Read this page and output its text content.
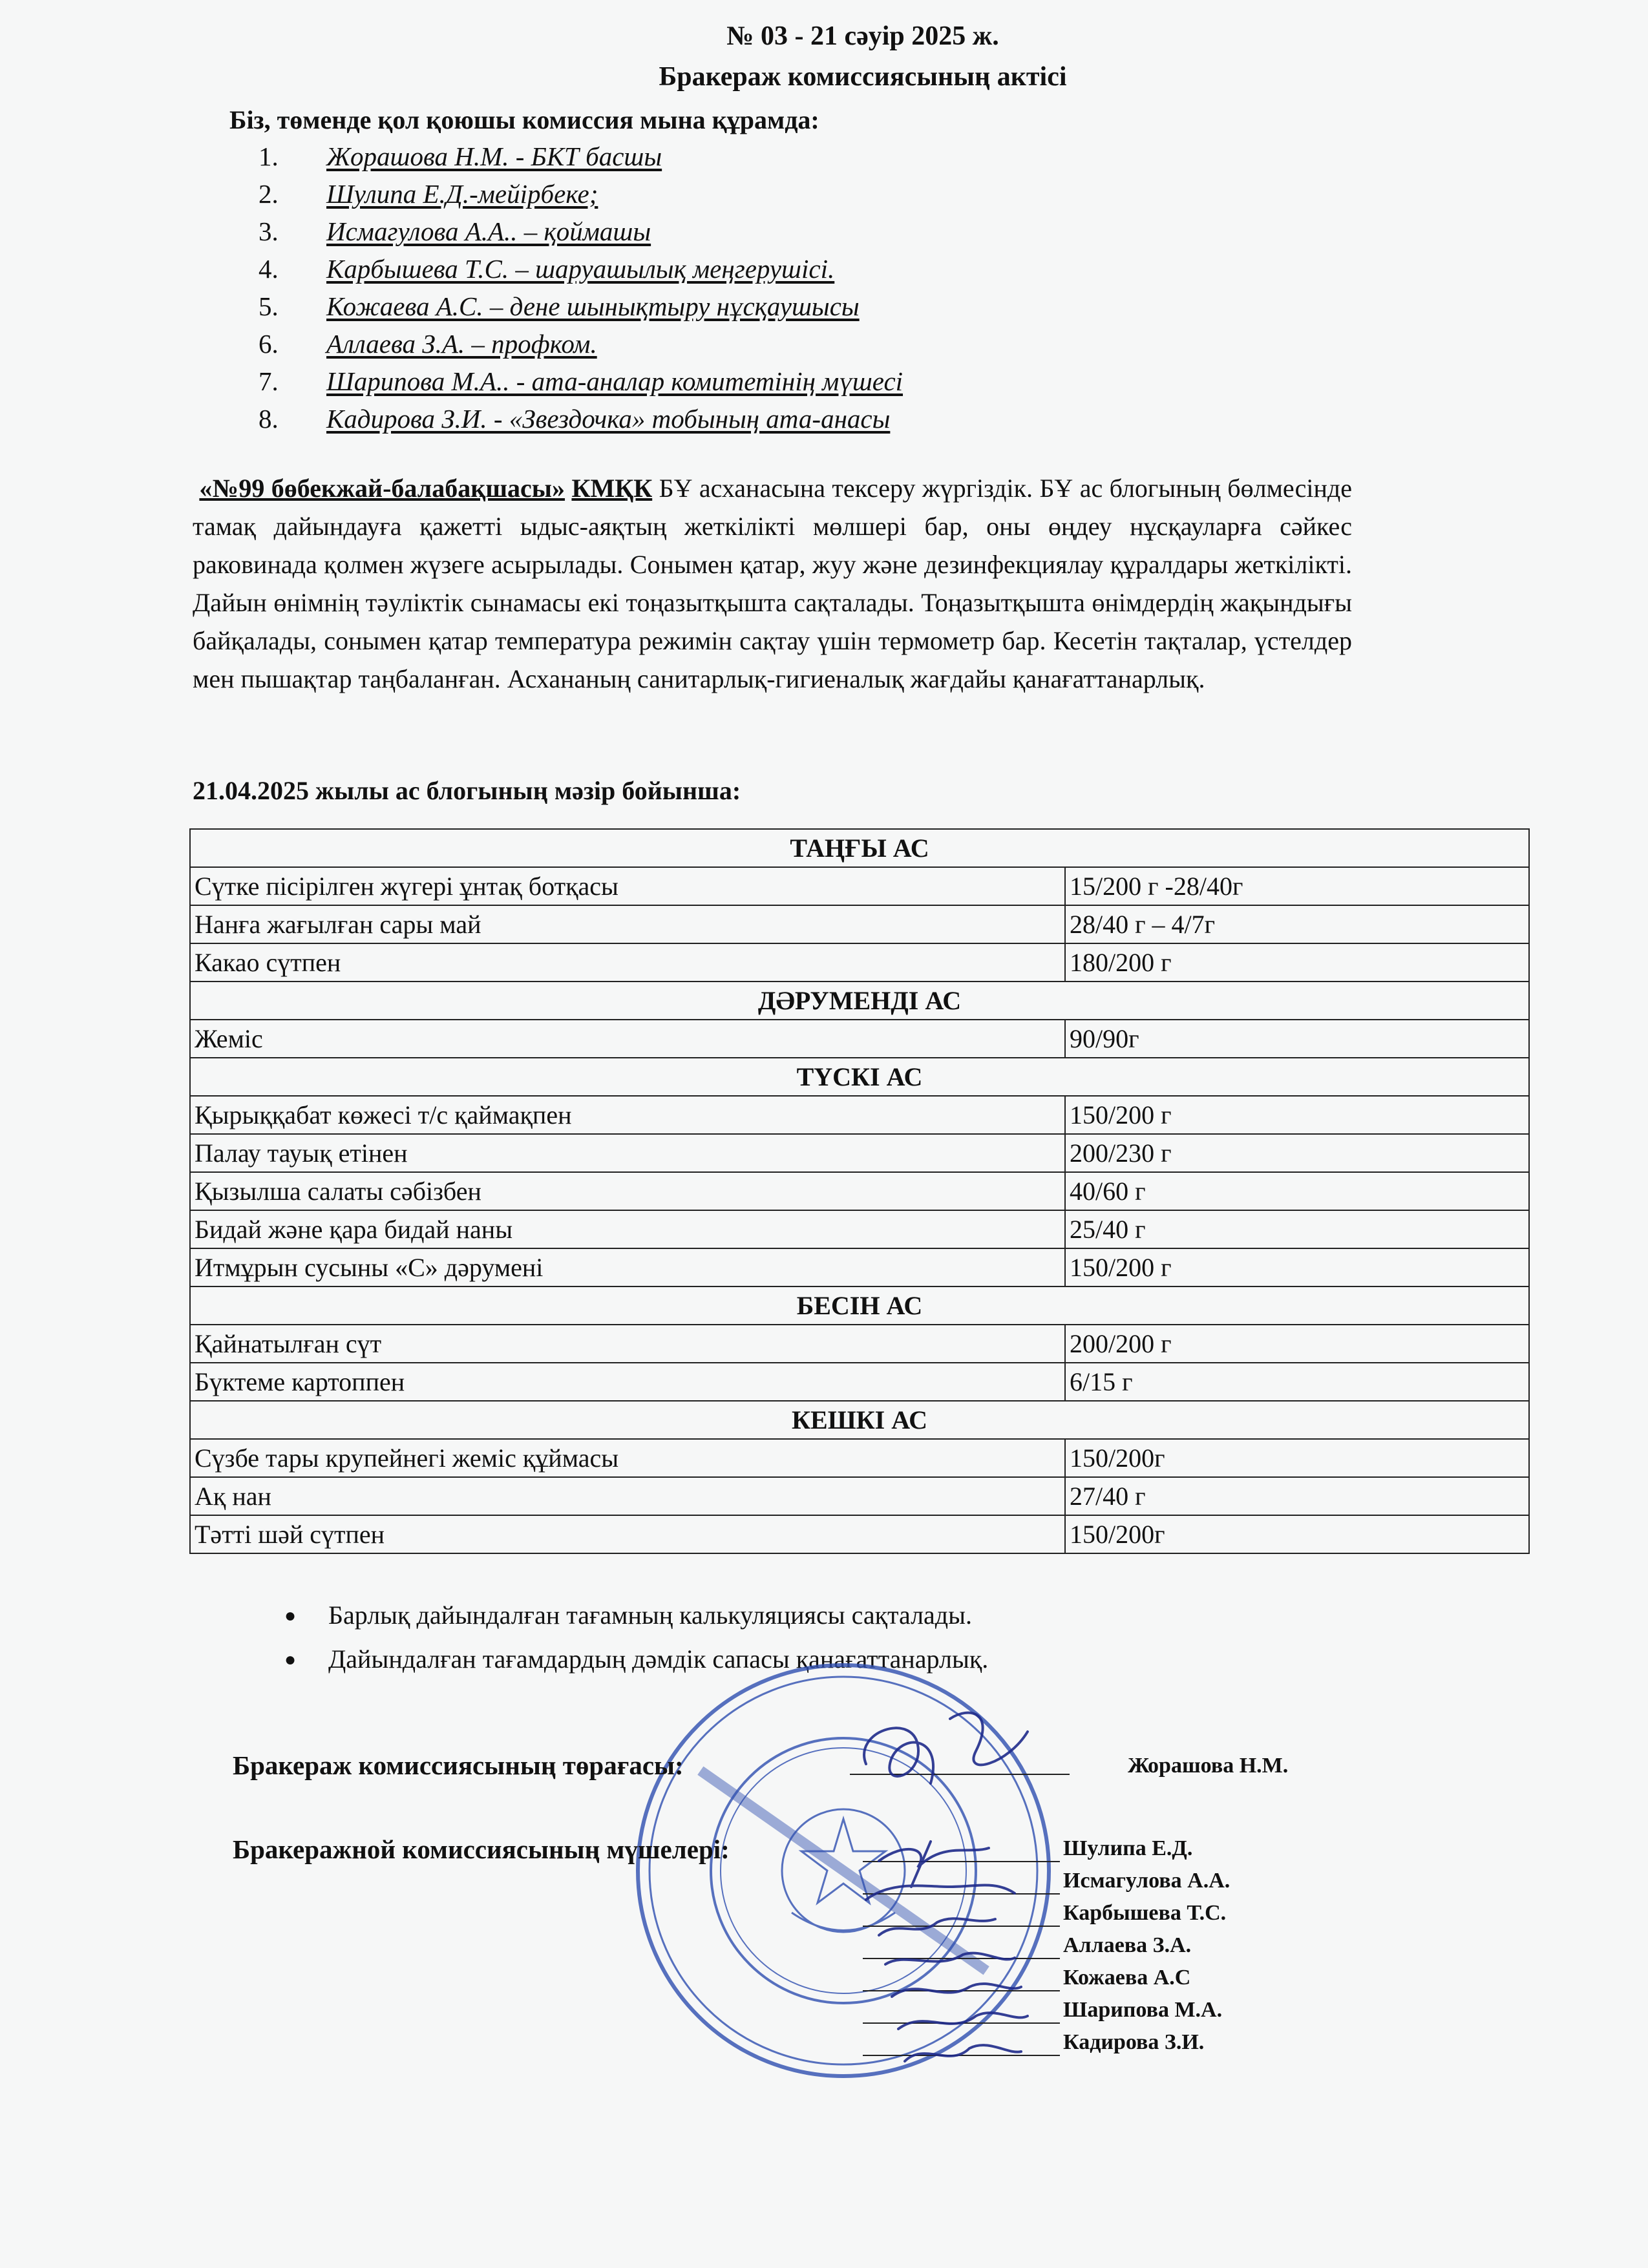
№ 03 - 21 сәуір 2025 ж.
Бракераж комиссиясының актісі
Біз, төменде қол қоюшы комиссия мына құрамда:
1.	Жорашова Н.М. - БКТ басшы
2.	Шулипа Е.Д.-мейірбеке;
3.	Исмагулова А.А.. – қоймашы
4.	Карбышева Т.С. – шаруашылық меңгерушісі.
5.	Кожаева А.С. – дене шынықтыру нұсқаушысы
6.	Аллаева З.А. – профком.
7.	Шарипова М.А.. - ата-аналар комитетінің мүшесі
8.	Кадирова З.И. - «Звездочка» тобының ата-анасы

«№99 бөбекжай-балабақшасы» КМҚК БҰ асханасына тексеру жүргіздік. БҰ ас блогының бөлмесінде тамақ дайындауға қажетті ыдыс-аяқтың жеткілікті мөлшері бар, оны өңдеу нұсқауларға сәйкес раковинада қолмен жүзеге асырылады. Сонымен қатар, жуу және дезинфекциялау құралдары жеткілікті. Дайын өнімнің тәуліктік сынамасы екі тоңазытқышта сақталады. Тоңазытқышта өнімдердің жақындығы байқалады, сонымен қатар температура режимін сақтау үшін термометр бар. Кесетін тақталар, үстелдер мен пышақтар таңбаланған. Асхананың санитарлық-гигиеналық жағдайы қанағаттанарлық.

21.04.2025 жылы ас блогының мәзір бойынша:
ТАҢҒЫ АС	
Сүтке пісірілген жүгері ұнтақ ботқасы	15/200 г -28/40г
Нанға жағылған сары май	28/40 г – 4/7г
Какао сүтпен	180/200 г
ДӘРУМЕНДІ АС	
Жеміс	90/90г
ТҮСКІ АС	
Қырыққабат көжесі т/с қаймақпен	150/200 г
Палау тауық етінен	200/230 г
Қызылша салаты сәбізбен	40/60 г
Бидай және қара бидай наны	25/40 г
Итмұрын сусыны «С» дәрумені	150/200 г
БЕСІН АС	
Қайнатылған сүт	200/200 г
Бүктеме картоппен	6/15 г
КЕШКІ АС	
Сүзбе тары крупейнегі жеміс құймасы	150/200г
Ақ нан	27/40 г
Тәтті шәй сүтпен	150/200г
●	Барлық дайындалған тағамның калькуляциясы сақталады.
●	Дайындалған тағамдардың дәмдік сапасы қанағаттанарлық.
Бракераж комиссиясының төрағасы:	Жорашова Н.М.
Бракеражной комиссиясының мүшелері:	Шулипа Е.Д.
Исмагулова А.А.
Карбышева Т.С.
Аллаева З.А.
Кожаева А.С
Шарипова М.А.
Кадирова З.И.
